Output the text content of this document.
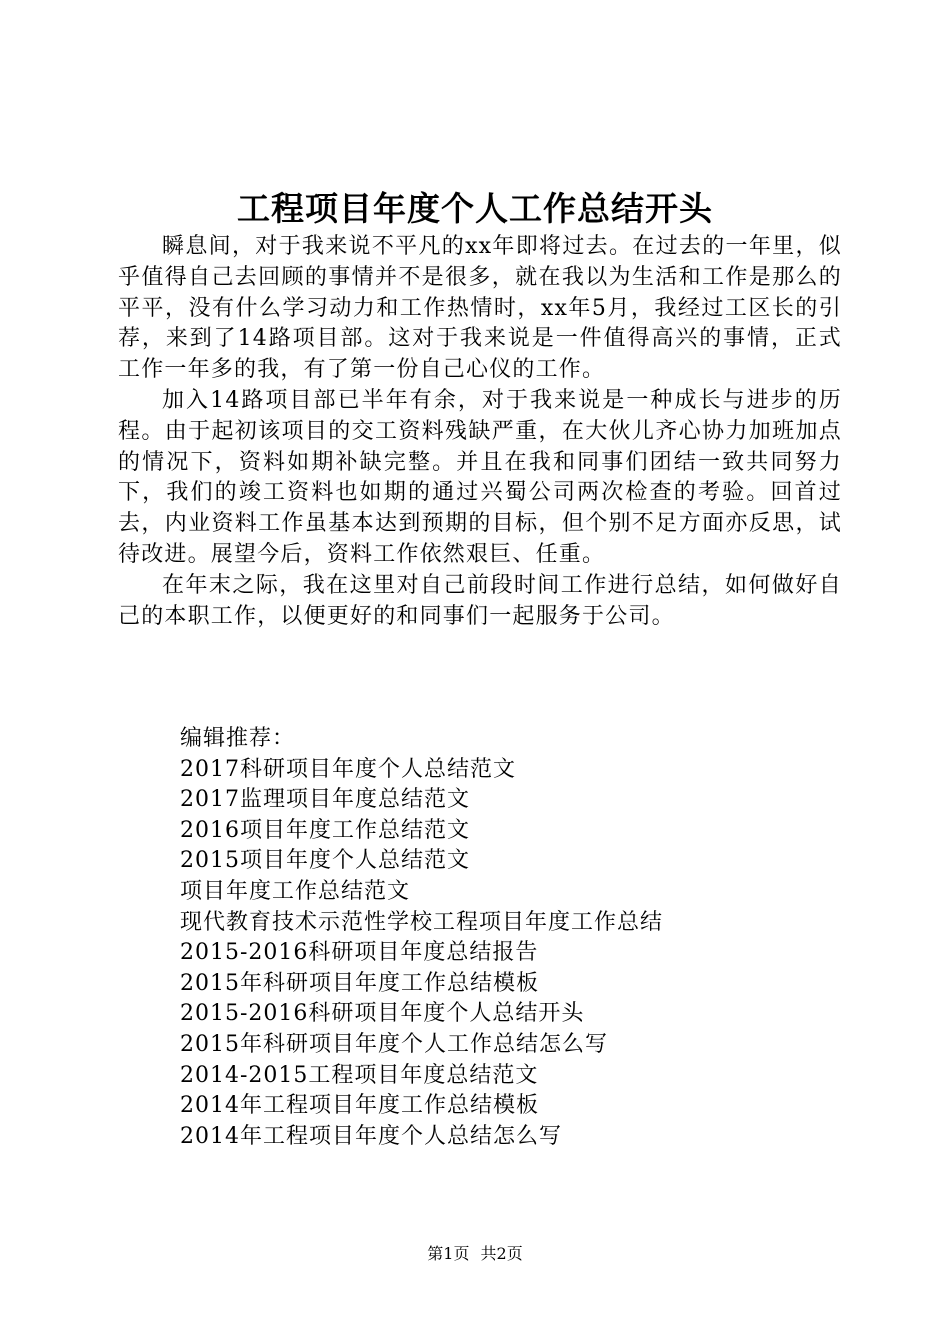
工程项目年度个人工作总结开头

瞬息间，对于我来说不平凡的xx年即将过去。在过去的一年里，似乎值得自己去回顾的事情并不是很多，就在我以为生活和工作是那么的平平，没有什么学习动力和工作热情时，xx年5月，我经过工区长的引荐，来到了14路项目部。这对于我来说是一件值得高兴的事情，正式工作一年多的我，有了第一份自己心仪的工作。

加入14路项目部已半年有余，对于我来说是一种成长与进步的历程。由于起初该项目的交工资料残缺严重，在大伙儿齐心协力加班加点的情况下，资料如期补缺完整。并且在我和同事们团结一致共同努力下，我们的竣工资料也如期的通过兴蜀公司两次检查的考验。回首过去，内业资料工作虽基本达到预期的目标，但个别不足方面亦反思，试待改进。展望今后，资料工作依然艰巨、任重。

在年末之际，我在这里对自己前段时间工作进行总结，如何做好自己的本职工作，以便更好的和同事们一起服务于公司。

编辑推荐：
2017科研项目年度个人总结范文
2017监理项目年度总结范文
2016项目年度工作总结范文
2015项目年度个人总结范文
项目年度工作总结范文
现代教育技术示范性学校工程项目年度工作总结
2015-2016科研项目年度总结报告
2015年科研项目年度工作总结模板
2015-2016科研项目年度个人总结开头
2015年科研项目年度个人工作总结怎么写
2014-2015工程项目年度总结范文
2014年工程项目年度工作总结模板
2014年工程项目年度个人总结怎么写
第1页 共2页
